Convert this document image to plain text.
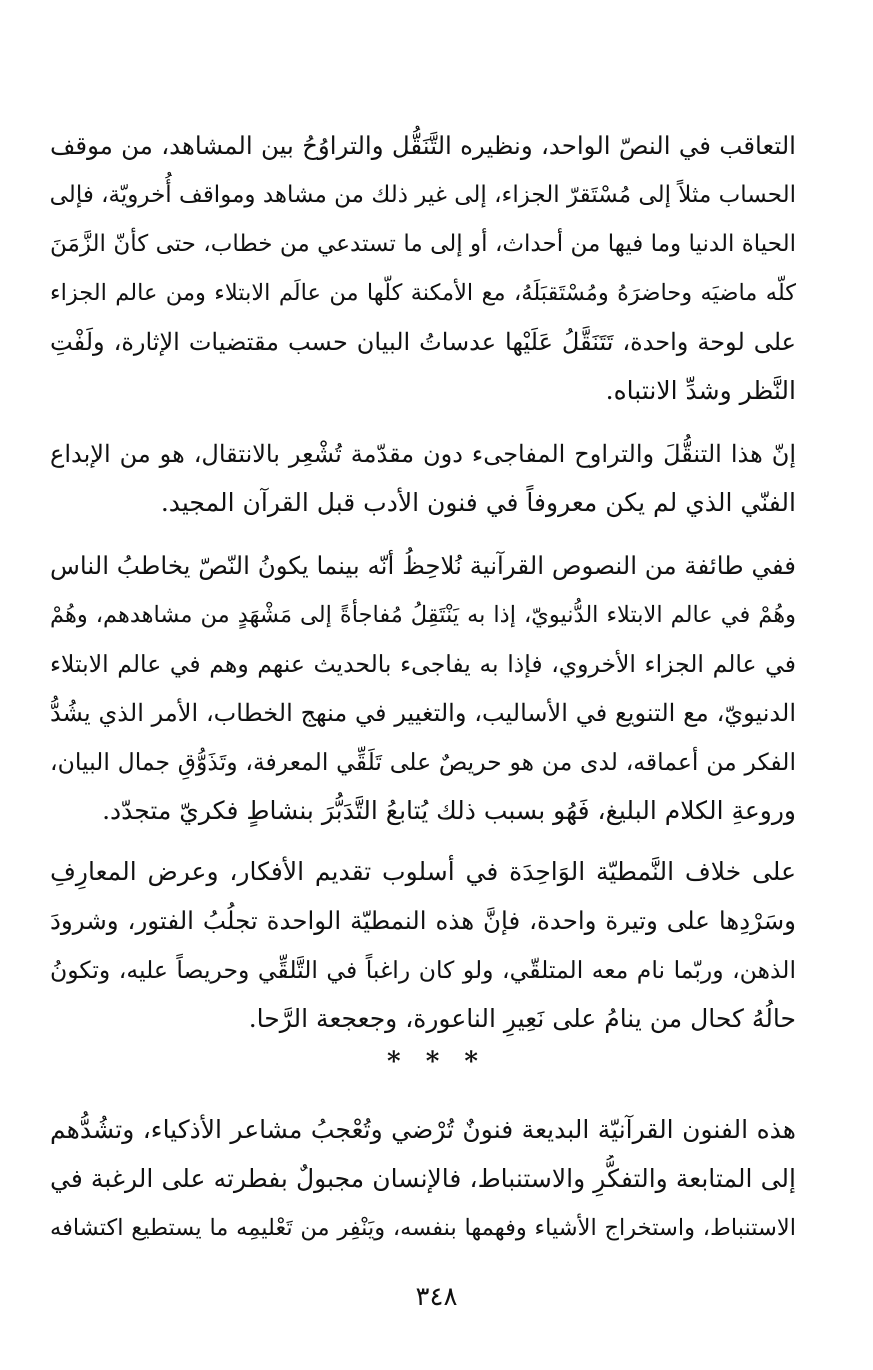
التعاقب في النصّ الواحد، ونظيره التَّنَقُّل والتراوُحُ بين المشاهد، من موقف
الحساب مثلاً إلى مُسْتَقرّ الجزاء، إلى غير ذلك من مشاهد ومواقف أُخرويّة، فإلى
الحياة الدنيا وما فيها من أحداث، أو إلى ما تستدعي من خطاب، حتى كأنّ الزَّمَنَ
كلّه ماضيَه وحاضرَهُ ومُسْتَقبَلَهُ، مع الأمكنة كلّها من عالَم الابتلاء ومن عالم الجزاء
على لوحة واحدة، تَتَنَقَّلُ عَلَيْها عدساتُ البيان حسب مقتضيات الإثارة، ولَفْتِ
النَّظر وشدِّ الانتباه.
إنّ هذا التنقُّلَ والتراوح المفاجىء دون مقدّمة تُشْعِر بالانتقال، هو من الإبداع
الفنّي الذي لم يكن معروفاً في فنون الأدب قبل القرآن المجيد.
ففي طائفة من النصوص القرآنية نُلاحِظُ أنّه بينما يكونُ النّصّ يخاطبُ الناس
وهُمْ في عالم الابتلاء الدُّنيويّ، إذا به يَنْتَقِلُ مُفاجأةً إلى مَشْهَدٍ من مشاهدهم، وهُمْ
في عالم الجزاء الأخروي، فإذا به يفاجىء بالحديث عنهم وهم في عالم الابتلاء
الدنيويّ، مع التنويع في الأساليب، والتغيير في منهج الخطاب، الأمر الذي يشُدُّ
الفكر من أعماقه، لدى من هو حريصٌ على تَلَقِّي المعرفة، وتَذَوُّقِ جمال البيان،
وروعةِ الكلام البليغ، فَهُو بسبب ذلك يُتابعُ التَّدَبُّرَ بنشاطٍ فكريّ متجدّد.
على خلاف النَّمطيّة الوَاحِدَة في أسلوب تقديم الأفكار، وعرض المعارِفِ
وسَرْدِها على وتيرة واحدة، فإنَّ هذه النمطيّة الواحدة تجلُبُ الفتور، وشرودَ
الذهن، وربّما نام معه المتلقّي، ولو كان راغباً في التَّلقِّي وحريصاً عليه، وتكونُ
حالُهُ كحال من ينامُ على نَعِيرِ الناعورة، وجعجعة الرَّحا.
* * *
هذه الفنون القرآنيّة البديعة فنونٌ تُرْضي وتُعْجبُ مشاعر الأذكياء، وتشُدُّهم
إلى المتابعة والتفكُّرِ والاستنباط، فالإنسان مجبولٌ بفطرته على الرغبة في
الاستنباط، واستخراج الأشياء وفهمها بنفسه، ويَنْفِر من تَعْليمِه ما يستطيع اكتشافه
٣٤٨
